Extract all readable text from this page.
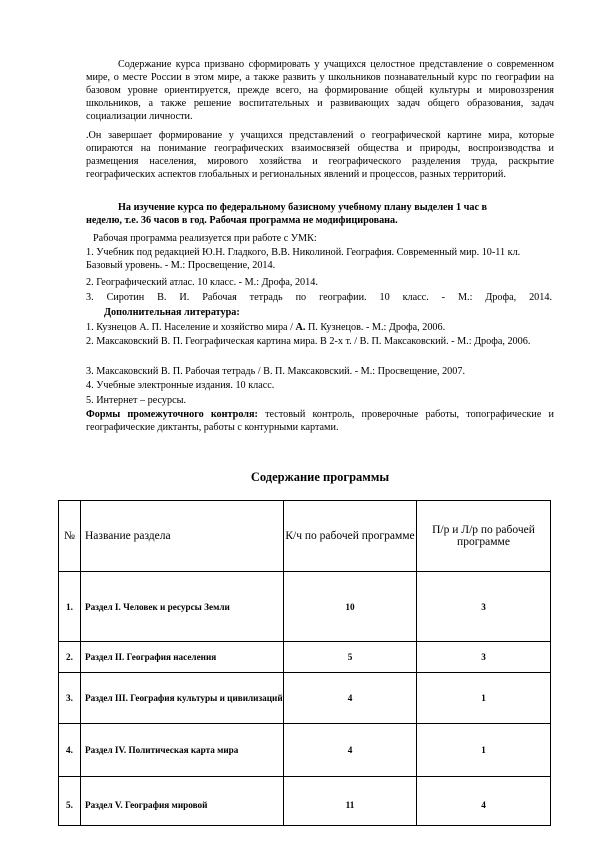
Содержание курса призвано сформировать у учащихся целостное представление о современном мире, о месте России в этом мире, а также развить у школьников познавательный курс по географии на базовом уровне ориентируется, прежде всего, на формирование общей культуры и мировоззрения школьников, а также решение воспитательных и развивающих задач общего образования, задач социализации личности.
.Он завершает формирование у учащихся представлений о географической картине мира, которые опираются на понимание географических взаимосвязей общества и природы, воспроизводства и размещения населения, мирового хозяйства и географического разделения труда, раскрытие географических аспектов глобальных и региональных явлений и процессов, разных территорий.
На изучение курса по федеральному базисному учебному плану выделен 1 час в
неделю, т.е. 36 часов в год. Рабочая программа не модифицирована.
Рабочая программа реализуется при работе с УМК:
1. Учебник под редакцией Ю.Н. Гладкого, В.В. Николиной. География. Современный мир. 10-11 кл. Базовый уровень. - М.: Просвещение, 2014.
2. Географический атлас. 10 класс. - М.: Дрофа, 2014.
3. Сиротин В. И. Рабочая тетрадь по географии. 10 класс. - М.: Дрофа, 2014.
Дополнительная литература:
1. Кузнецов А. П. Население и хозяйство мира / А. П. Кузнецов. - М.: Дрофа, 2006.
2. Максаковский В. П. Географическая картина мира. В 2-х т. / В. П. Максаковский. - М.: Дрофа, 2006.
3. Максаковский В. П. Рабочая тетрадь / В. П. Максаковский. - М.: Просвещение, 2007.
4. Учебные электронные издания. 10 класс.
5. Интернет – ресурсы.
Формы промежуточного контроля: тестовый контроль, проверочные работы, топографические и географические диктанты, работы с контурными картами.
Содержание программы
№	Название раздела	К/ч по рабочей программе	П/р и Л/р по рабочей программе
1.	Раздел I. Человек и ресурсы Земли	10	3
2.	Раздел II. География населения	5	3
3.	Раздел III. География культуры и цивилизаций	4	1
4.	Раздел IV. Политическая карта мира	4	1
5.	Раздел V. География мировой	11	4
